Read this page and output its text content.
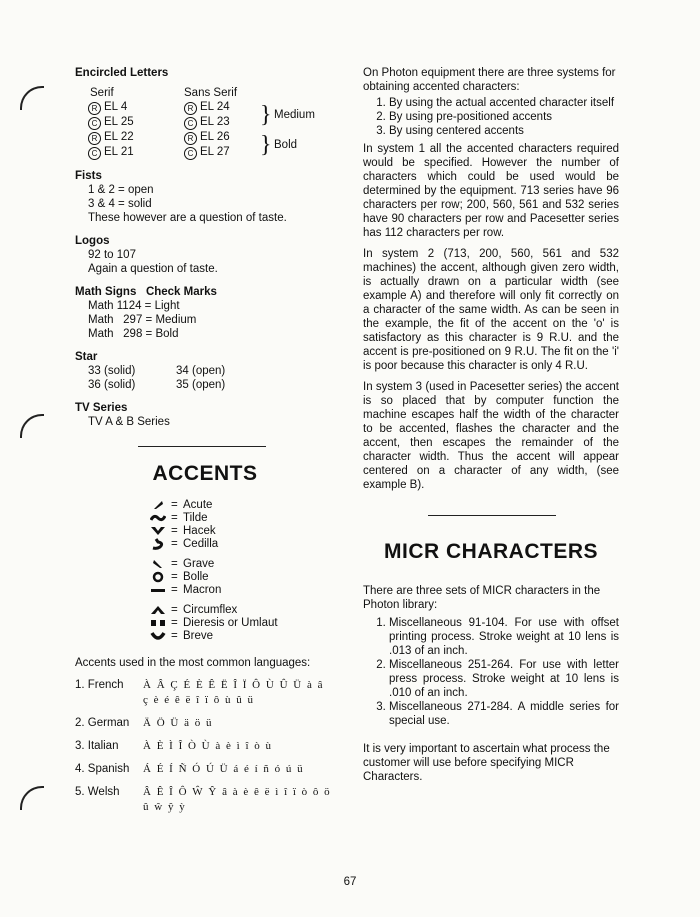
Encircled Letters

Serif	Sans Serif
R EL 4	R EL 24	} Medium
C EL 25	C EL 23
R EL 22	R EL 26	} Bold
C EL 21	C EL 27

Fists

1 & 2 = open

3 & 4 = solid

These however are a question of taste.

Logos

92 to 107

Again a question of taste.

Math Signs Check Marks

Math 1124 = Light

Math   297 = Medium

Math   298 = Bold

Star

33 (solid)	34 (open)
36 (solid)	35 (open)

TV Series

TV A & B Series

ACCENTS

= Acute
= Tilde
= Hacek
= Cedilla
= Grave
= Bolle
= Macron
= Circumflex
= Dieresis or Umlaut
= Breve

Accents used in the most common languages:

1. French	À Â Ç É È Ê Ë Î Ï Ô Ù Û Ü à â ç è é ê ë î ï ô ù û ü
2. German	Ä Ö Ü ä ö ü
3. Italian	À È Ì Î Ò Ù à è ì î ò ù
4. Spanish	Á É Í Ñ Ó Ú Ü á é í ñ ó ú ü
5. Welsh	Â Ê Î Ô Ŵ Ŷ â à è ê ë ì î ï ò ô ö û ŵ ŷ ỳ

On Photon equipment there are three systems for obtaining accented characters:

1. By using the actual accented character itself
2. By using pre-positioned accents
3. By using centered accents

In system 1 all the accented characters required would be specified. However the number of characters which could be used would be determined by the equipment. 713 series have 96 characters per row; 200, 560, 561 and 532 series have 90 characters per row and Pacesetter series has 112 characters per row.

In system 2 (713, 200, 560, 561 and 532 machines) the accent, although given zero width, is actually drawn on a particular width (see example A) and therefore will only fit correctly on a character of the same width. As can be seen in the example, the fit of the accent on the 'o' is satisfactory as this character is 9 R.U. and the accent is pre-positioned on 9 R.U. The fit on the 'i' is poor because this character is only 4 R.U.

In system 3 (used in Pacesetter series) the accent is so placed that by computer function the machine escapes half the width of the character to be accented, flashes the character and the accent, then escapes the remainder of the character width. Thus the accent will appear centered on a character of any width, (see example B).

MICR CHARACTERS

There are three sets of MICR characters in the Photon library:

1. Miscellaneous 91-104. For use with offset printing process. Stroke weight at 10 lens is .013 of an inch.
2. Miscellaneous 251-264. For use with letter press process. Stroke weight at 10 lens is .010 of an inch.
3. Miscellaneous 271-284. A middle series for special use.

It is very important to ascertain what process the customer will use before specifying MICR Characters.

67
